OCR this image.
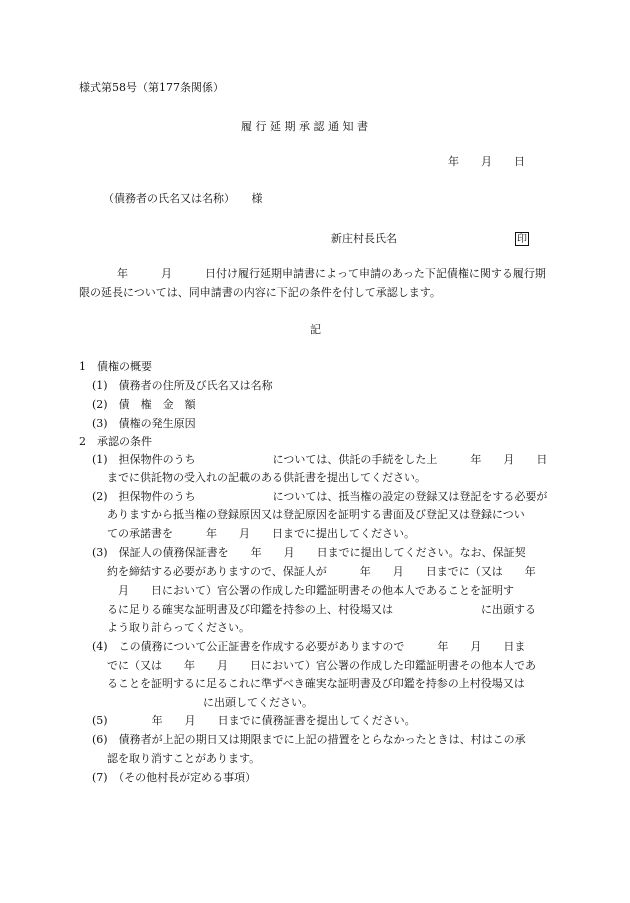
様式第58号（第177条関係）
履 行 延 期 承 認 通 知 書
年　　月　　日
（債務者の氏名又は名称）　　様
新庄村長氏名	印
年　　　月　　　日付け履行延期申請書によって申請のあった下記債権に関する履行期
限の延長については、同申請書の内容に下記の条件を付して承認します。
記
1　債権の概要
(1)　債務者の住所及び氏名又は名称
(2)　債　権　金　額
(3)　債権の発生原因
2　承認の条件
(1)　担保物件のうち　　　　　　　については、供託の手続をした上　　　年　　月　　日
までに供託物の受入れの記載のある供託書を提出してください。
(2)　担保物件のうち　　　　　　　については、抵当権の設定の登録又は登記をする必要が
ありますから抵当権の登録原因又は登記原因を証明する書面及び登記又は登録につい
ての承諾書を　　　年　　月　　日までに提出してください。
(3)　保証人の債務保証書を　　年　　月　　日までに提出してください。なお、保証契
約を締結する必要がありますので、保証人が　　　年　　月　　日までに（又は　　年
月　　日において）官公署の作成した印鑑証明書その他本人であることを証明す
るに足りる確実な証明書及び印鑑を持参の上、村役場又は　　　　　　　　に出頭する
よう取り計らってください。
(4)　この債務について公正証書を作成する必要がありますので　　　年　　月　　日ま
でに（又は　　年　　月　　日において）官公署の作成した印鑑証明書その他本人であ
ることを証明するに足るこれに準ずべき確実な証明書及び印鑑を持参の上村役場又は
に出頭してください。
(5)　　　　年　　月　　日までに債務証書を提出してください。
(6)　債務者が上記の期日又は期限までに上記の措置をとらなかったときは、村はこの承
認を取り消すことがあります。
(7)　（その他村長が定める事項）
